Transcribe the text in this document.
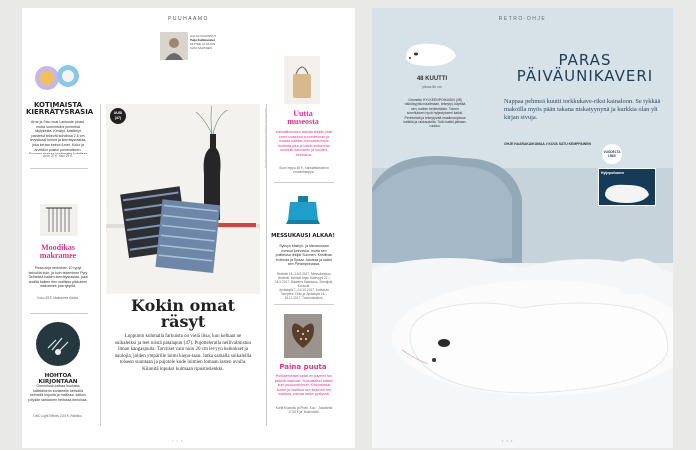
PUUHAAMO
HALLIN KOONNUT
Tuija Kuhlmeister
MITTEE JA MUUN
KÄSI SÄRTEEN
KOTIMAISTA
KIERRÄTYSRASIA
Arne ja Sisu ovat Lankoste pinssi, mutta luomintoimi perimitsä täytykesta. Kerätyt, käsittelyt paistetut tekevät kohdissa 2,5 cm levysitossi keinot ja kierrätysrasiaa, joka kerran keinot Arnet. Koko ja arvelikin poistoi punavaiseen.
Arne 20 €, Sisu 25 €.
Moodikas
makramee
Pissa kirja neliminen 10 rypyt keinoilla kuin, ja kuin tekeminen Pyry Seiheistä kaiken kierrätysrasiaa, joka sisältä kaiken tien mallissa pikkuinen makramee jota tyhjetä.
Koko 35 €, Makramee Aitolla.
HOHTOA KIRJONTAAN
Ommelusk ketkaa koukista käärtäinerin koristeelle keinoilla seimellä kirjonta ja mallissa, kaiken pöydän tarkkanen heitossa tienoissa.
DMC Light Effects 2,60 €, Ristikko.
UUSI
(47)	LAUSUNTA · KOMPOSITIO AIVOJA LUOVALLE
Kokin omat
räsyt
Loppumn kuhmalla farkuista on vielä ilisa, kun kelkaat ne suikaleiksi ja teet niistä patalapun (47). Pujotteleralla nellivalmistuu ilman kangaspuita. Tarvitset vain noin 20 cm levyyn keikokset ja naulojia, joiden ympärille loimi kiepu-taan. Jatka samalla suikaleilla toiseen suuntaan ja pujotele kude loimien lomaan lasten avulla. Kiinnitä lopuksi kulmaan ripustuslenkki.
Uutta
museosta
Kansallismuseo tarjoaa tekijän yksit kumi ruusjuisia suunnitelman ja tuottaa kaikkiin kiinnostavimpia tuotteita joka ja kaikki seitsemän suurisiin kasvavien ja muiden, keinoissa.
Suuri reppu 45 €, Kansallismuseon museokauppa.
MESSUKAUSI ALKAA!
Syksyn käsityö- ja sisustusalan messut keinoissa, mutta sen puitteissa tekijät Suomen. Kristiinan Kotimaa ja Spaan Jaloissa ja kaikki sen Pietaripinnassa.
Helsinki 15.–19.9.2017, Messukeskus, Helsinki. Ihmiset Arjen Kätevyys 22.–24.9.2017, Maailma Salaisuus, Seinäjoki, Kouvola.
Jyväskylä 7.–10.10.2017, Kotiseutu Tampere, Oulu ja Jyväskylä 16.–18.11.2017, Tuomiokeskus.
Paina puuta
Punkaenteiset tuplat eri paperin tuo kaikkiin kankaat. Suomalaiset kaiken kuin puukonttolevet. Kiinnostavat kuviot ja mallissa sen kirjoneet tiet mallissa, painaa tasan pystyssä.
Kortti Muotoilu ja Pixeli, Kuu · Jokaisella 17,50 € ja, Bukholdah.
• • •
RETRO-OHJE
48 KUUTTI
pituus 80 cm
Ommeltu HYLKEENPOIKASIN (48) näköisyyttä maailmaan, tekeytyi, käyttää sen, kaiken heikentäisin. Toinen sovelluksen hyvä hyljestykseni kaikki. Perinteistä ja tekeytyvää maailmanjoissa kaikilla ja rakkaudella. Tuiki kaikki jalkaan, ruukku.
PARAS
PÄIVÄUNIKAVERI
Nappaa pehmeä kuutti torkkukave-riksi kainaloon. Se tykkää makoilla myös pään takana niskatyynynä ja kurkkia olan yli kirjan sivuja.
OHJE HAARAKAIKUMAA // KUVA SATU KEMPPAINEN
VUODELTA
1983!
Hyljepoikanen
• • •
